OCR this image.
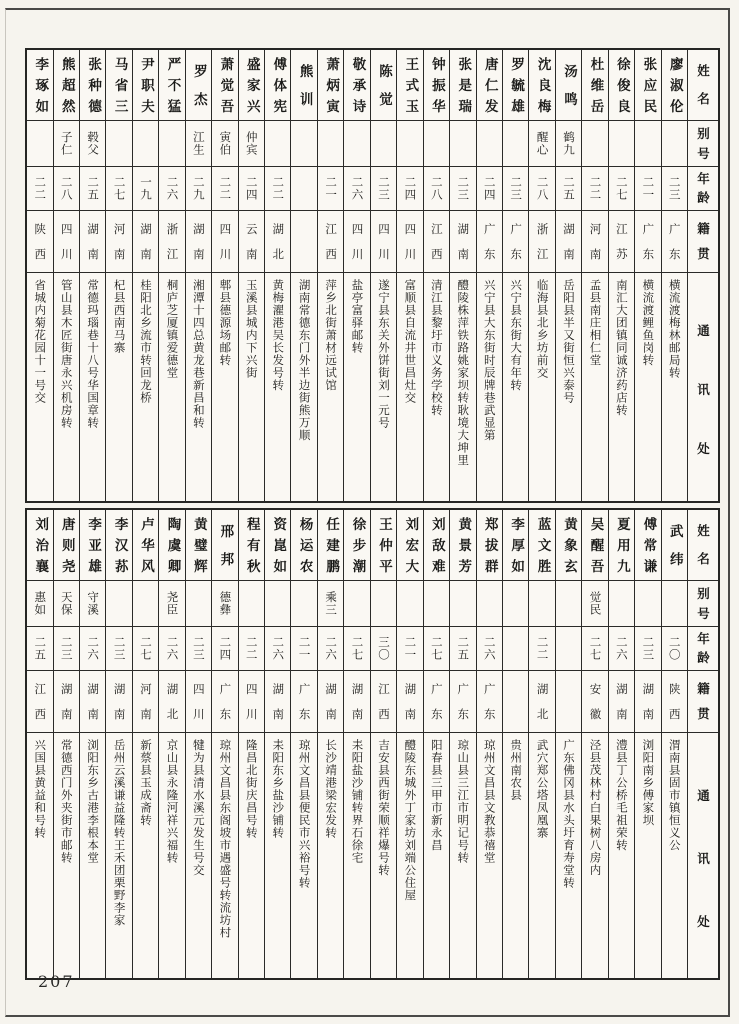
姓
名
别
号
年
龄
籍
贯
通
讯
处
廖
淑
伦
二三
广
东
横流渡梅林邮局转
张
应
民
二一
广
东
横流渡鲤鱼岗转
徐
俊
良
二七
江
苏
南汇大团镇同诚济药店转
杜
维
岳
二二
河
南
孟县南庄相仁堂
汤
鸣
鹤九
二五
湖
南
岳阳县半又街恒兴泰号
沈
良
梅
醒心
二八
浙
江
临海县北乡坊前交
罗
毓
雄
二三
广
东
兴宁县东街大有年转
唐
仁
发
二四
广
东
兴宁县大东街时辰牌巷武显第
张
是
瑞
二三
湖
南
醴陵株萍铁路姚家坝转耿境大坤里
钟
振
华
二八
江
西
清江县黎圩市义务学校转
王
式
玉
二四
四
川
富顺县自流井世昌灶交
陈
觉
二三
四
川
遂宁县东关外饼街刘一元号
敬
承
诗
二六
四
川
盐亭富驿邮转
萧
炳
寅
二一
江
西
萍乡北街萧材远试馆
熊
训
湖南常德东门外半边街熊万顺
傅
体
宪
二二
湖
北
黄梅濯港吴长发号转
盛
家
兴
仲宾
二四
云
南
玉溪县城内下兴街
萧
觉
吾
寅伯
二二
四
川
郫县德源场邮转
罗
杰
江生
二九
湖
南
湘潭十四总黄龙巷新昌和转
严
不
猛
二六
浙
江
桐庐芝厦镇爱德堂
尹
职
夫
一九
湖
南
桂阳北乡流市转回龙桥
马
省
三
二七
河
南
杞县西南马寨
张
种
德
毂父
二五
湖
南
常德玛瑙巷十八号华国章转
熊
超
然
子仁
二八
四
川
管山县木匠街唐永兴机房转
李
琢
如
二二
陕
西
省城内菊花园十一号交
姓
名
别
号
年
龄
籍
贯
通
讯
处
武
纬
二〇
陕
西
渭南县固市镇恒义公
傅
常
谦
二三
湖
南
浏阳南乡傅家坝
夏
用
九
二六
湖
南
澧县丁公桥毛祖荣转
吴
醒
吾
觉民
二七
安
徽
泾县茂林村白果树八房内
黄
象
玄
广东佛冈县水头圩育寿堂转
蓝
文
胜
二二
湖
北
武穴郑公塔凤凰寨
李
厚
如
贵州南农县
郑
拔
群
二六
广
东
琼州文昌县文教恭禧堂
黄
景
芳
二五
广
东
琼山县三江市明记号转
刘
敌
难
二七
广
东
阳春县三甲市新永昌
刘
宏
大
二一
湖
南
醴陵东城外丁家坊刘端公住屋
王
仲
平
三〇
江
西
吉安县西街荣顺祥爆号转
徐
步
潮
二七
湖
南
耒阳盐沙铺转界石徐宅
任
建
鹏
乘三
二六
湖
南
长沙靖港梁宏发转
杨
运
农
二一
广
东
琼州文昌县便民市兴裕号转
资
崑
如
二六
湖
南
耒阳东乡盐沙铺转
程
有
秋
二二
四
川
隆昌北街庆昌号转
邢
邦
德彝
二四
广
东
琼州文昌县东阁坡市遇盛号转流坊村
黄
璧
辉
二三
四
川
犍为县清水溪元发生号交
陶
虞
卿
尧臣
二六
湖
北
京山县永隆河祥兴福转
卢
华
风
二七
河
南
新蔡县玉成斋转
李
汉
荪
二三
湖
南
岳州云溪谦益隆转王禾团栗野李家
李
亚
雄
守溪
二六
湖
南
浏阳东乡古港李根本堂
唐
则
尧
天保
二三
湖
南
常德西门外夹街市邮转
刘
治
襄
惠如
二五
江
西
兴国县黄益和号转
207
